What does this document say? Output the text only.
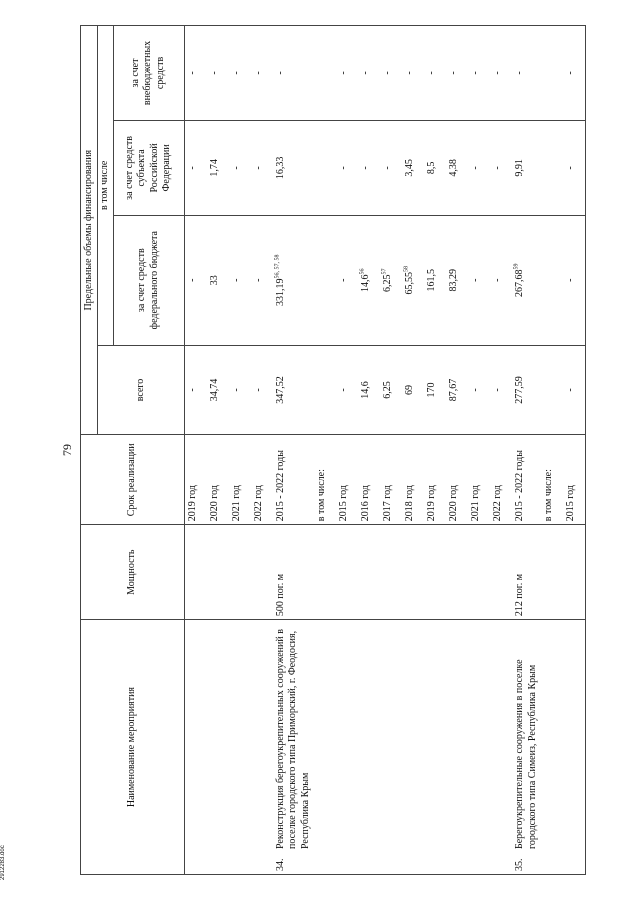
79
Наименование мероприятия	Мощность	Срок реализации	Предельные объемы финансирования			
			всего	в том числе		
				за счет средств федерального бюджета	за счет средств субъекта Российской Федерации	за счет внебюджетных средств
		2019 год	-	-	-	-
		2020 год	34,74	33	1,74	-
		2021 год	-	-	-	-
		2022 год	-	-	-	-
34.Реконструкция берегоукрепительных сооружений в поселке городского типа Приморский, г. Феодосия, Республика Крым	500 пог. м	2015 - 2022 годы	347,52	331,19$^{56, 57, 58}$	16,33	-
		в том числе:				
		2015 год	-	-	-	-
		2016 год	14,6	14,6$^{56}$	-	-
		2017 год	6,25	6,25$^{57}$	-	-
		2018 год	69	65,55$^{58}$	3,45	-
		2019 год	170	161,5	8,5	-
		2020 год	87,67	83,29	4,38	-
		2021 год	-	-	-	-
		2022 год	-	-	-	-
35.Берегоукрепительные сооружения в поселке городского типа Симеиз, Республика Крым	212 пог. м	2015 - 2022 годы	277,59	267,68$^{59}$	9,91	-
		в том числе:				
		2015 год	-	-	-	-
2912283.doc
